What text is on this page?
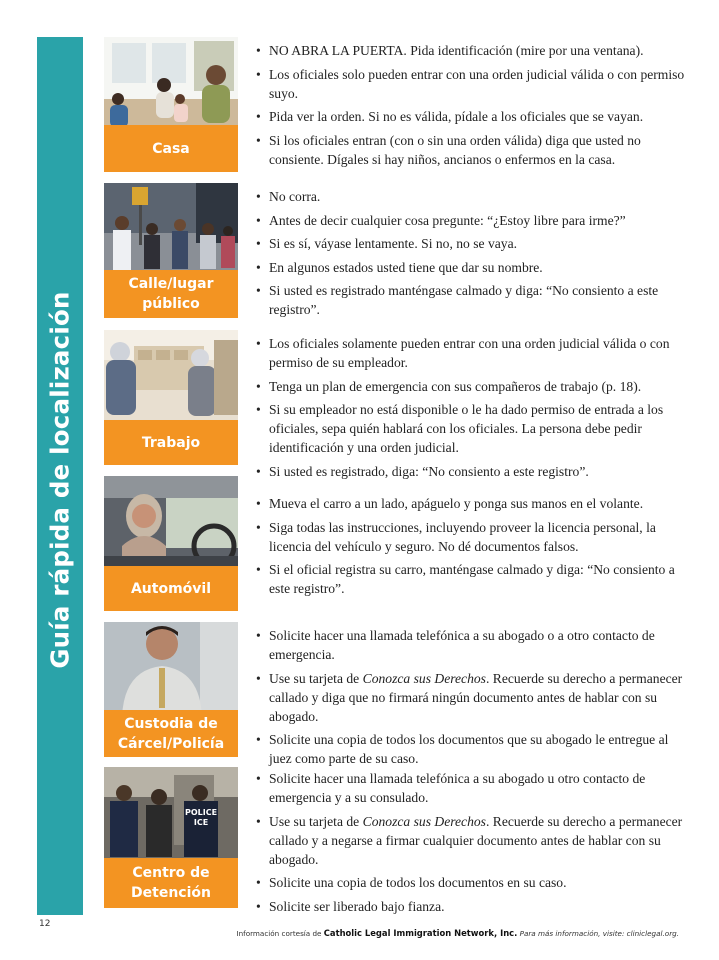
Guía rápida de localización
Casa
• NO ABRA LA PUERTA. Pida identificación (mire por una ventana).
• Los oficiales solo pueden entrar con una orden judicial válida o con permiso suyo.
• Pida ver la orden. Si no es válida, pídale a los oficiales que se vayan.
• Si los oficiales entran (con o sin una orden válida) diga que usted no consiente. Dígales si hay niños, ancianos o enfermos en la casa.
Calle/lugar
público
• No corra.
• Antes de decir cualquier cosa pregunte: “¿Estoy libre para irme?”
• Si es sí, váyase lentamente. Si no, no se vaya.
• En algunos estados usted tiene que dar su nombre.
• Si usted es registrado manténgase calmado y diga: “No consiento a este registro”.
Trabajo
• Los oficiales solamente pueden entrar con una orden judicial válida o con permiso de su empleador.
• Tenga un plan de emergencia con sus compañeros de trabajo (p. 18).
• Si su empleador no está disponible o le ha dado permiso de entrada a los oficiales, sepa quién hablará con los oficiales. La persona debe pedir identificación y una orden judicial.
• Si usted es registrado, diga: “No consiento a este registro”.
Automóvil
• Mueva el carro a un lado, apáguelo y ponga sus manos en el volante.
• Siga todas las instrucciones, incluyendo proveer la licencia personal, la licencia del vehículo y seguro. No dé documentos falsos.
• Si el oficial registra su carro, manténgase calmado y diga: “No consiento a este registro”.
Custodia de
Cárcel/Policía
• Solicite hacer una llamada telefónica a su abogado o a otro contacto de emergencia.
• Use su tarjeta de Conozca sus Derechos. Recuerde su derecho a permanecer callado y diga que no firmará ningún documento antes de hablar con su abogado.
• Solicite una copia de todos los documentos que su abogado le entregue al juez como parte de su caso.
POLICE
ICE
Centro de
Detención
• Solicite hacer una llamada telefónica a su abogado u otro contacto de emergencia y a su consulado.
• Use su tarjeta de Conozca sus Derechos. Recuerde su derecho a permanecer callado y a negarse a firmar cualquier documento antes de hablar con su abogado.
• Solicite una copia de todos los documentos en su caso.
• Solicite ser liberado bajo fianza.
12
Información cortesía de Catholic Legal Immigration Network, Inc. Para más información, visite: cliniclegal.org.
